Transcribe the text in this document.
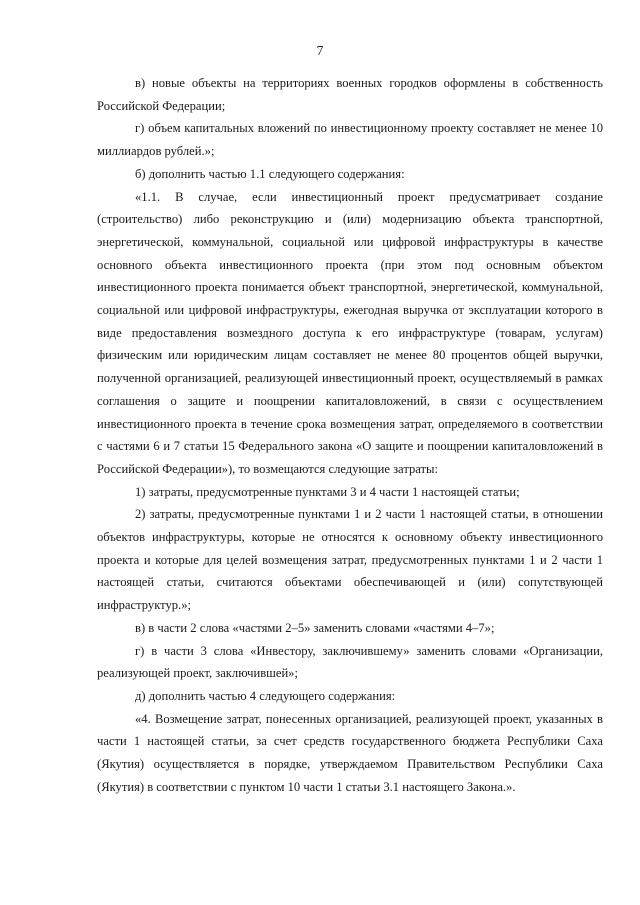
7

в) новые объекты на территориях военных городков оформлены в собственность Российской Федерации;

г) объем капитальных вложений по инвестиционному проекту составляет не менее 10 миллиардов рублей.»;

б) дополнить частью 1.1 следующего содержания:

«1.1. В случае, если инвестиционный проект предусматривает создание (строительство) либо реконструкцию и (или) модернизацию объекта транспортной, энергетической, коммунальной, социальной или цифровой инфраструктуры в качестве основного объекта инвестиционного проекта (при этом под основным объектом инвестиционного проекта понимается объект транспортной, энергетической, коммунальной, социальной или цифровой инфраструктуры, ежегодная выручка от эксплуатации которого в виде предоставления возмездного доступа к его инфраструктуре (товарам, услугам) физическим или юридическим лицам составляет не менее 80 процентов общей выручки, полученной организацией, реализующей инвестиционный проект, осуществляемый в рамках соглашения о защите и поощрении капиталовложений, в связи с осуществлением инвестиционного проекта в течение срока возмещения затрат, определяемого в соответствии с частями 6 и 7 статьи 15 Федерального закона «О защите и поощрении капиталовложений в Российской Федерации»), то возмещаются следующие затраты:

1) затраты, предусмотренные пунктами 3 и 4 части 1 настоящей статьи;

2) затраты, предусмотренные пунктами 1 и 2 части 1 настоящей статьи, в отношении объектов инфраструктуры, которые не относятся к основному объекту инвестиционного проекта и которые для целей возмещения затрат, предусмотренных пунктами 1 и 2 части 1 настоящей статьи, считаются объектами обеспечивающей и (или) сопутствующей инфраструктур.»;

в) в части 2 слова «частями 2–5» заменить словами «частями 4–7»;

г) в части 3 слова «Инвестору, заключившему» заменить словами «Организации, реализующей проект, заключившей»;

д) дополнить частью 4 следующего содержания:

«4. Возмещение затрат, понесенных организацией, реализующей проект, указанных в части 1 настоящей статьи, за счет средств государственного бюджета Республики Саха (Якутия) осуществляется в порядке, утверждаемом Правительством Республики Саха (Якутия) в соответствии с пунктом 10 части 1 статьи 3.1 настоящего Закона.».
